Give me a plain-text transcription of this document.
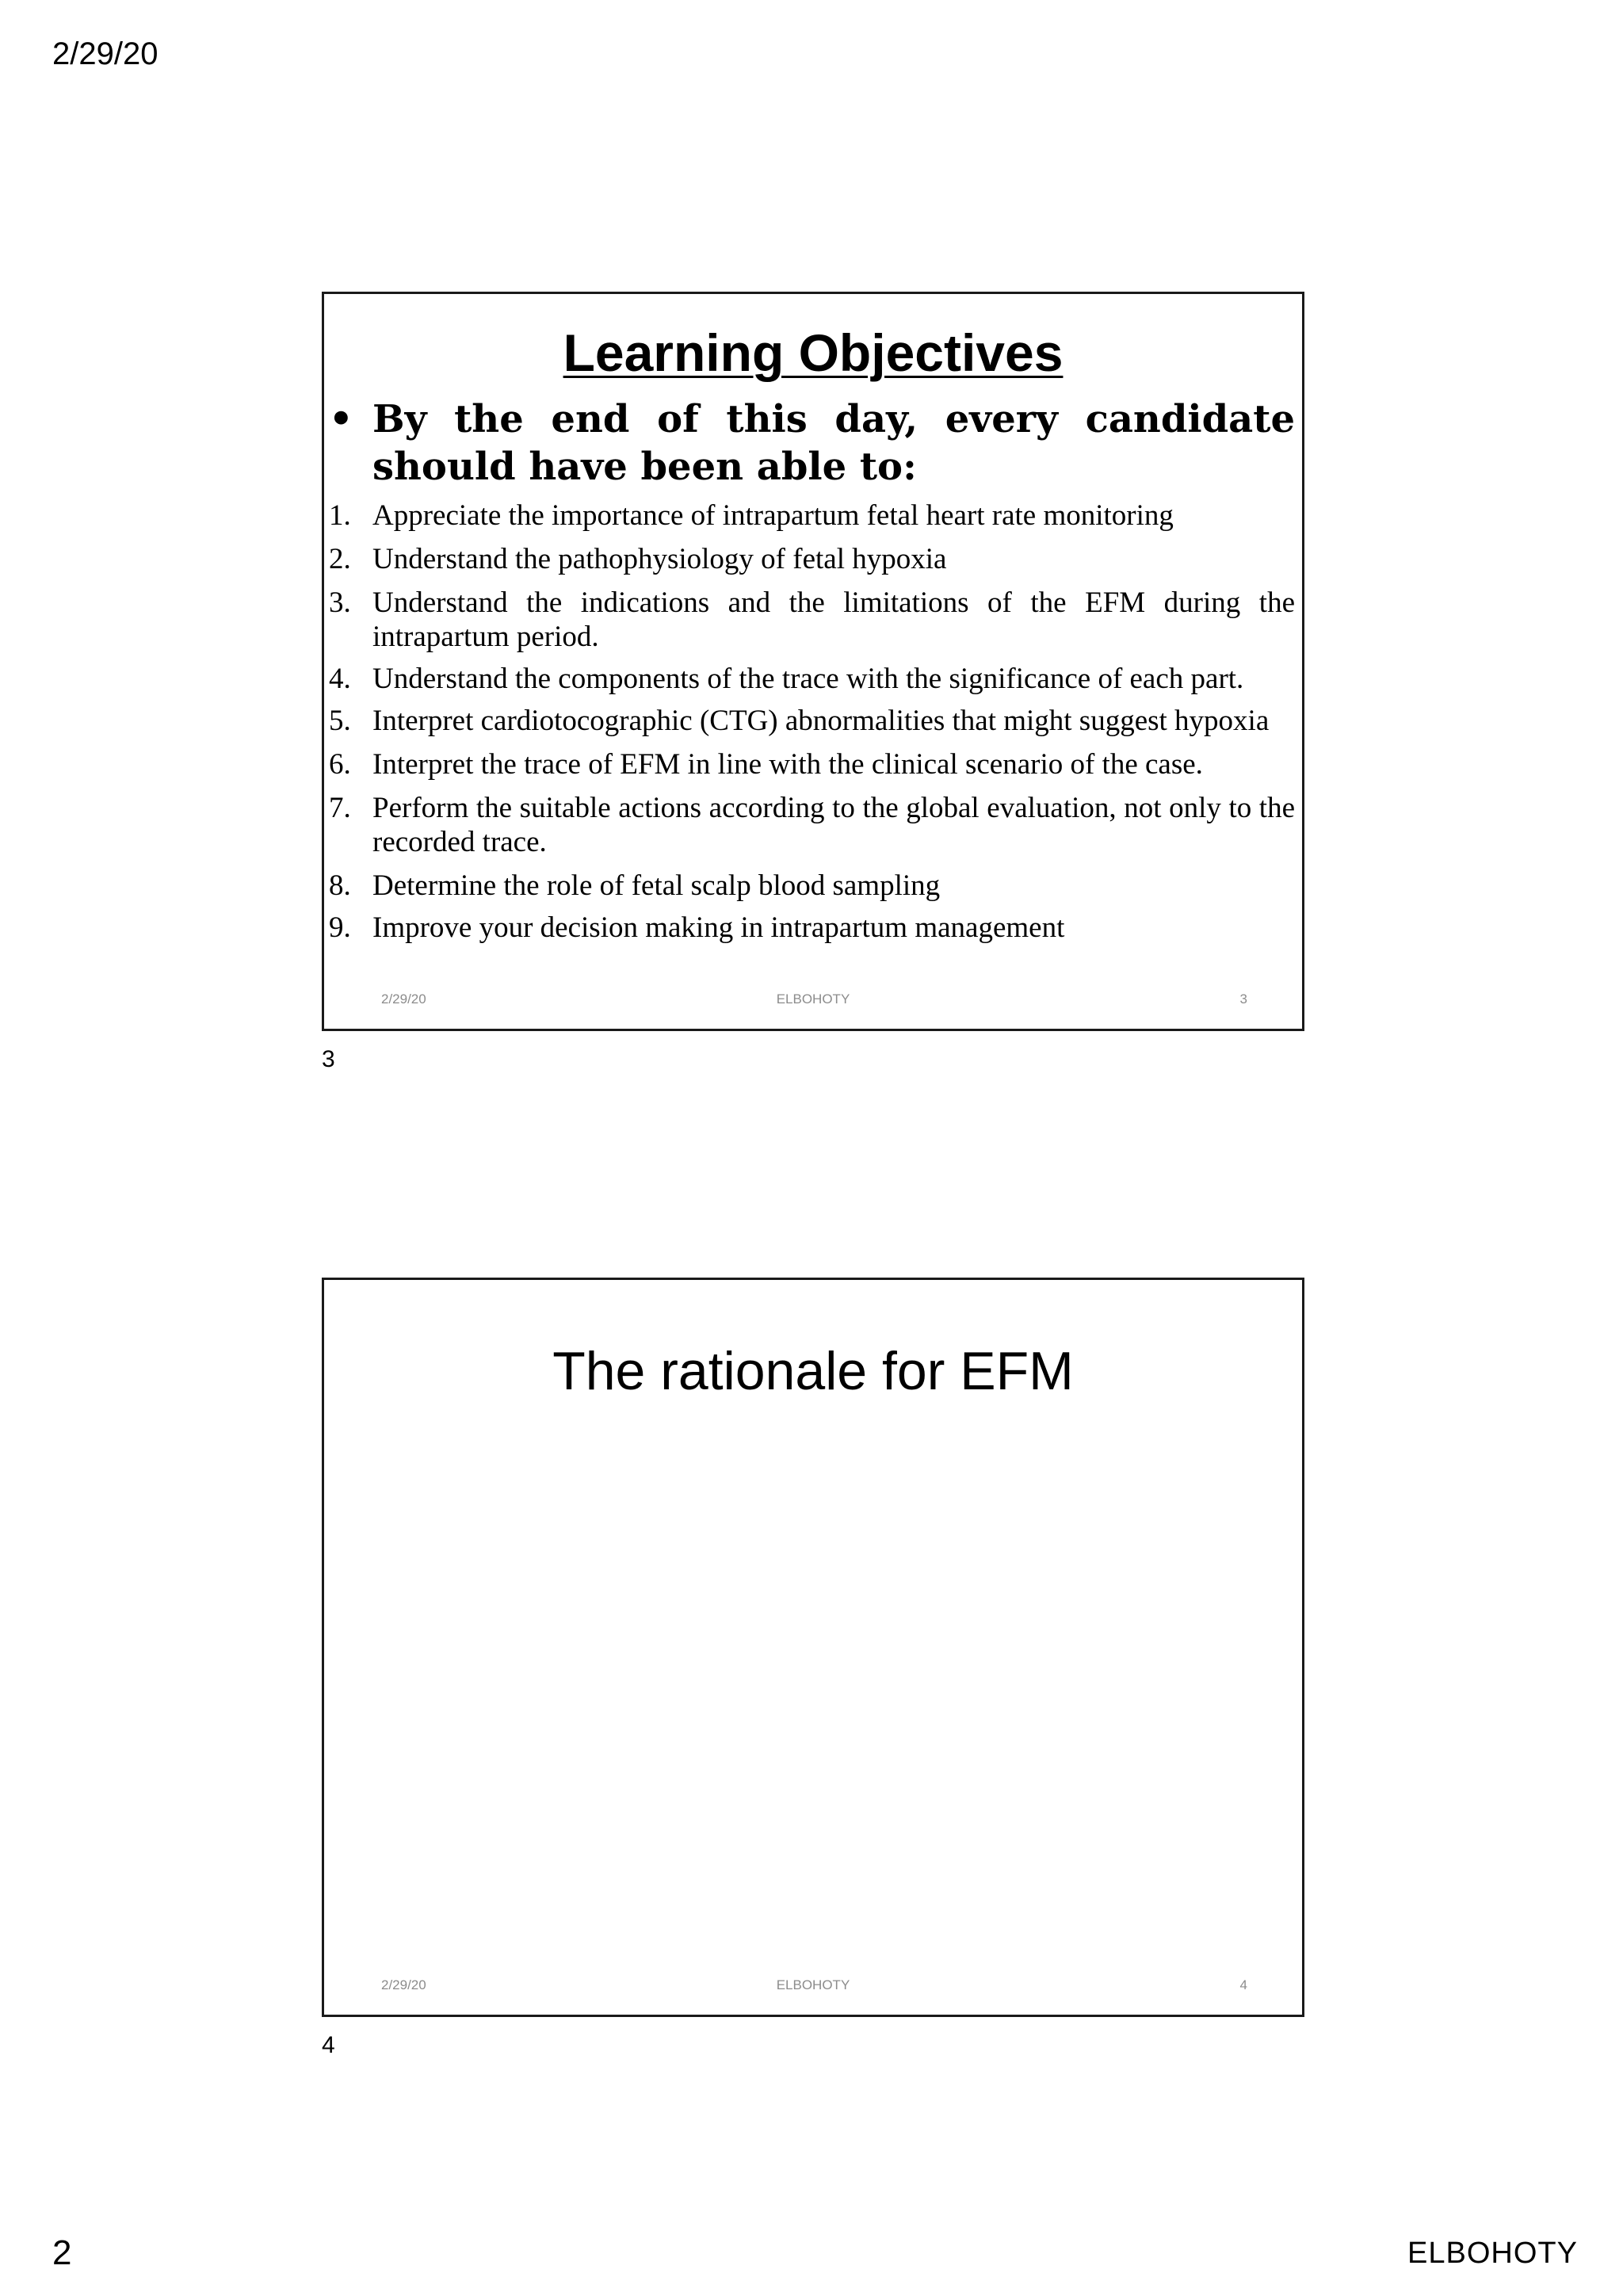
2/29/20
Learning Objectives
• By the end of this day, every candidate should have been able to:
1. Appreciate the importance of intrapartum fetal heart rate monitoring
2. Understand the pathophysiology of fetal hypoxia
3. Understand the indications and the limitations of the EFM during the intrapartum period.
4. Understand the components of the trace with the significance of each part.
5. Interpret cardiotocographic (CTG) abnormalities that might suggest hypoxia
6. Interpret the trace of EFM in line with the clinical scenario of the case.
7. Perform the suitable actions according to the global evaluation, not only to the recorded trace.
8. Determine the role of fetal scalp blood sampling
9. Improve your decision making in intrapartum management
2/29/20	ELBOHOTY	3
3
The rationale for EFM
2/29/20	ELBOHOTY	4
4
2	ELBOHOTY
